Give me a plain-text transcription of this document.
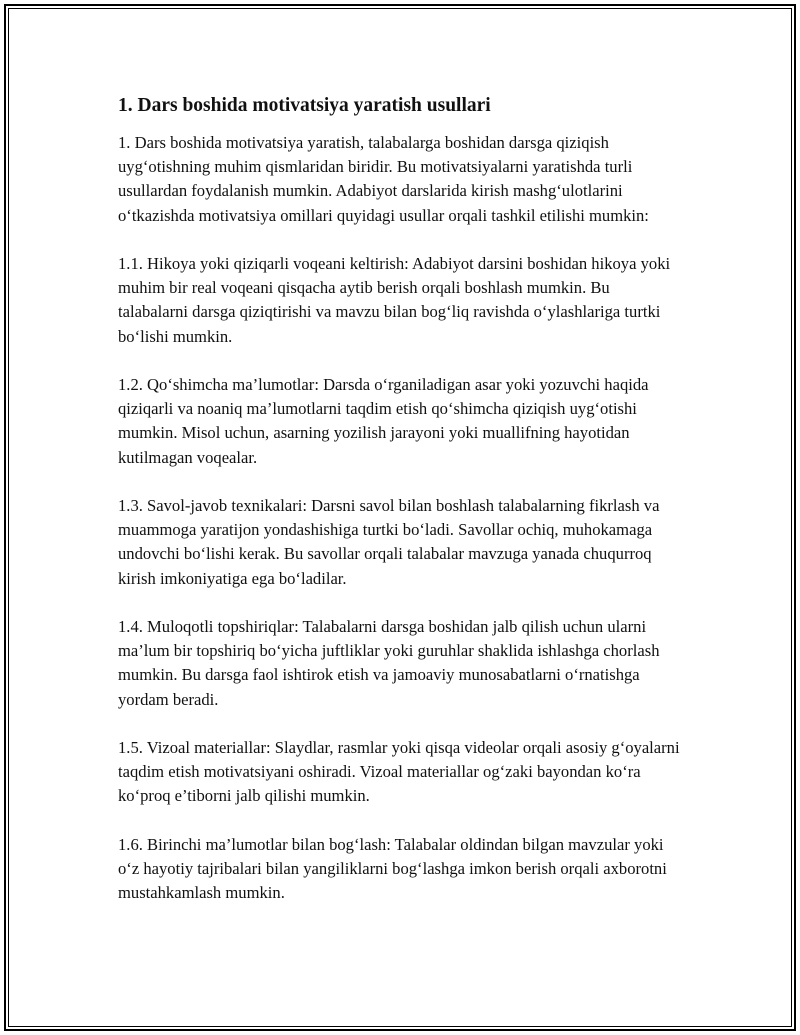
1. Dars boshida motivatsiya yaratish usullari

1. Dars boshida motivatsiya yaratish, talabalarga boshidan darsga qiziqish uyg‘otishning muhim qismlaridan biridir. Bu motivatsiyalarni yaratishda turli usullardan foydalanish mumkin. Adabiyot darslarida kirish mashg‘ulotlarini o‘tkazishda motivatsiya omillari quyidagi usullar orqali tashkil etilishi mumkin:

1.1. Hikoya yoki qiziqarli voqeani keltirish: Adabiyot darsini boshidan hikoya yoki muhim bir real voqeani qisqacha aytib berish orqali boshlash mumkin. Bu talabalarni darsga qiziqtirishi va mavzu bilan bog‘liq ravishda o‘ylashlariga turtki bo‘lishi mumkin.

1.2. Qo‘shimcha ma’lumotlar: Darsda o‘rganiladigan asar yoki yozuvchi haqida qiziqarli va noaniq ma’lumotlarni taqdim etish qo‘shimcha qiziqish uyg‘otishi mumkin. Misol uchun, asarning yozilish jarayoni yoki muallifning hayotidan kutilmagan voqealar.

1.3. Savol-javob texnikalari: Darsni savol bilan boshlash talabalarning fikrlash va muammoga yaratijon yondashishiga turtki bo‘ladi. Savollar ochiq, muhokamaga undovchi bo‘lishi kerak. Bu savollar orqali talabalar mavzuga yanada chuqurroq kirish imkoniyatiga ega bo‘ladilar.

1.4. Muloqotli topshiriqlar: Talabalarni darsga boshidan jalb qilish uchun ularni ma’lum bir topshiriq bo‘yicha juftliklar yoki guruhlar shaklida ishlashga chorlash mumkin. Bu darsga faol ishtirok etish va jamoaviy munosabatlarni o‘rnatishga yordam beradi.

1.5. Vizoal materiallar: Slaydlar, rasmlar yoki qisqa videolar orqali asosiy g‘oyalarni taqdim etish motivatsiyani oshiradi. Vizoal materiallar og‘zaki bayondan ko‘ra ko‘proq e’tiborni jalb qilishi mumkin.

1.6. Birinchi ma’lumotlar bilan bog‘lash: Talabalar oldindan bilgan mavzular yoki o‘z hayotiy tajribalari bilan yangiliklarni bog‘lashga imkon berish orqali axborotni mustahkamlash mumkin.
